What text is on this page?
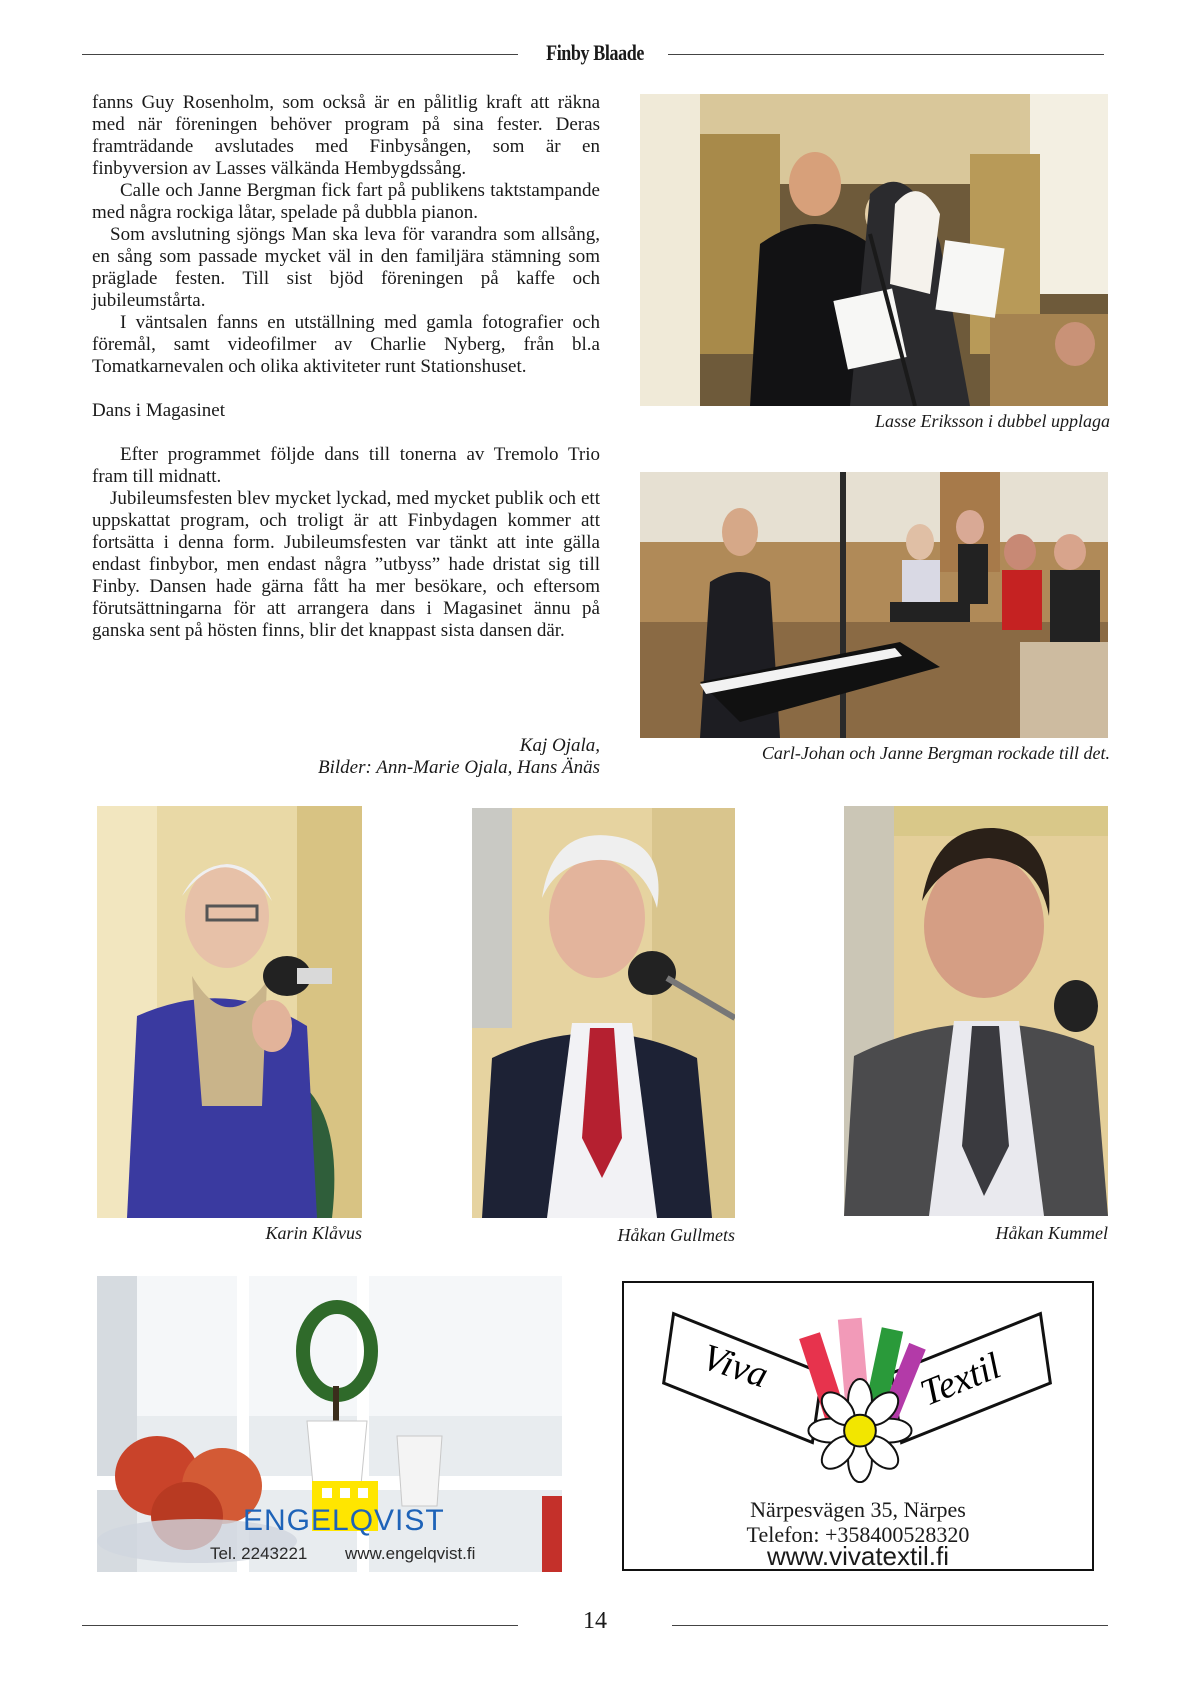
Finby Blaade

fanns Guy Rosenholm, som också är en pålitlig kraft att räkna med när föreningen behöver program på sina fester. Deras framträdande avslutades med Finbysången, som är en finbyversion av Lasses välkända Hembygdssång.

Calle och Janne Bergman fick fart på publikens taktstampande med några rockiga låtar, spelade på dubbla pianon.

Som avslutning sjöngs Man ska leva för varandra som allsång, en sång som passade mycket väl in den familjära stämning som präglade festen. Till sist bjöd föreningen på kaffe och jubileumstårta.

I väntsalen fanns en utställning med gamla fotografier och föremål, samt videofilmer av Charlie Nyberg, från bl.a Tomatkarnevalen och olika aktiviteter runt Stationshuset.

Dans i Magasinet

Efter programmet följde dans till tonerna av Tremolo Trio fram till midnatt.

Jubileumsfesten blev mycket lyckad, med mycket publik och ett uppskattat program, och troligt är att Finbydagen kommer att fortsätta i denna form. Jubileumsfesten var tänkt att inte gälla endast finbybor, men endast några ”utbyss” hade dristat sig till Finby. Dansen hade gärna fått ha mer besökare, och eftersom förutsättningarna för att arrangera dans i Magasinet ännu på ganska sent på hösten finns, blir det knappast sista dansen där.

Kaj Ojala,
Bilder: Ann-Marie Ojala, Hans Änäs
Lasse Eriksson i dubbel upplaga
Carl-Johan och Janne Bergman rockade till det.
Karin Klåvus	Håkan Gullmets	Håkan Kummel
ENGELQVIST
Tel. 2243221 www.engelqvist.fi
Viva	Textil
Närpesvägen 35, Närpes
Telefon: +358400528320
www.vivatextil.fi
14
